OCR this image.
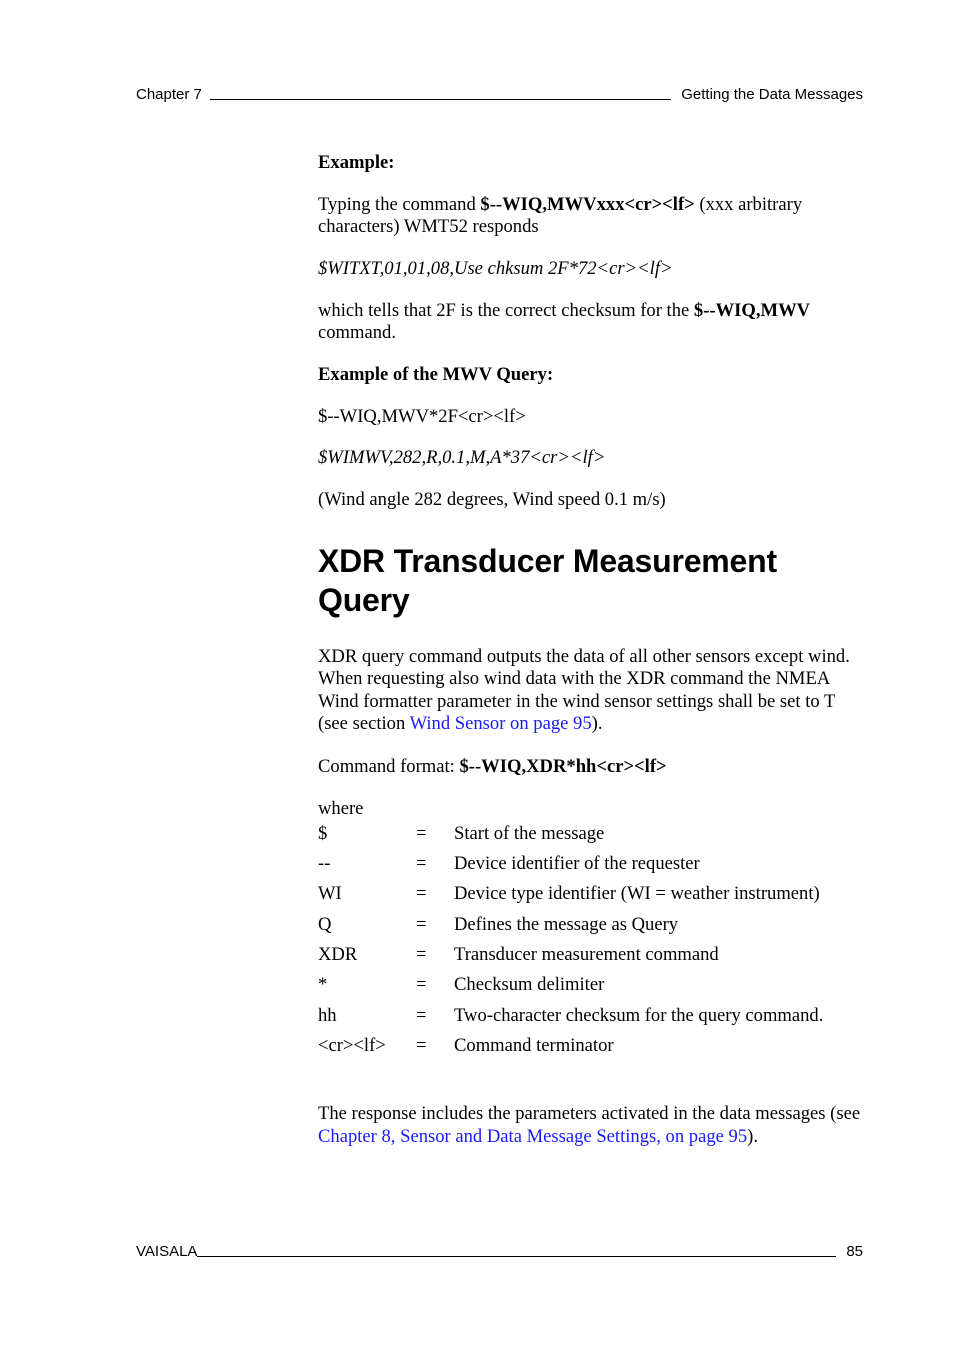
Chapter 7	Getting the Data Messages

Example:

Typing the command $--WIQ,MWVxxx<cr><lf> (xxx arbitrary characters) WMT52 responds

$WITXT,01,01,08,Use chksum 2F*72<cr><lf>

which tells that 2F is the correct checksum for the $--WIQ,MWV command.

Example of the MWV Query:

$--WIQ,MWV*2F<cr><lf>

$WIMWV,282,R,0.1,M,A*37<cr><lf>

(Wind angle 282 degrees, Wind speed 0.1 m/s)

XDR Transducer Measurement
Query

XDR query command outputs the data of all other sensors except wind. When requesting also wind data with the XDR command the NMEA Wind formatter parameter in the wind sensor settings shall be set to T (see section Wind Sensor on page 95).

Command format: $--WIQ,XDR*hh<cr><lf>

where

$	=	Start of the message
--	=	Device identifier of the requester
WI	=	Device type identifier (WI = weather instrument)
Q	=	Defines the message as Query
XDR	=	Transducer measurement command
*	=	Checksum delimiter
hh	=	Two-character checksum for the query command.
<cr><lf>	=	Command terminator

The response includes the parameters activated in the data messages (see Chapter 8, Sensor and Data Message Settings, on page 95).

VAISALA	85
